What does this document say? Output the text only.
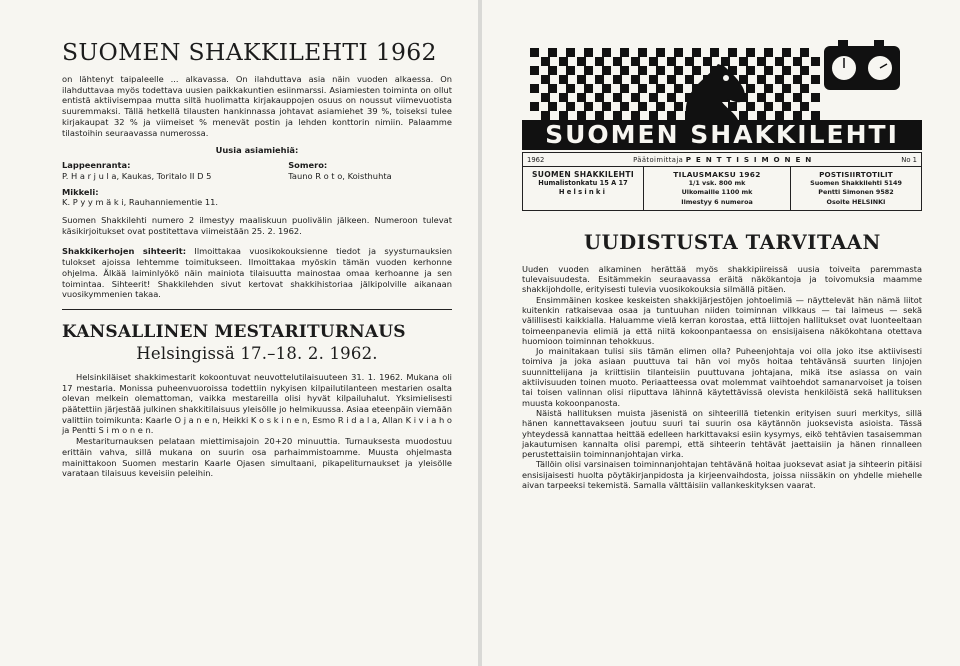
SUOMEN SHAKKILEHTI 1962

on lähtenyt taipaleelle ... alkavassa. On ilahduttava asia näin vuoden alkaessa. On ilahduttavaa myös todettava uusien paikkakuntien esiinmarssi. Asiamiesten toiminta on ollut entistä aktiivisempaa mutta siltä huolimatta kirjakauppojen osuus on noussut viimevuotista suuremmaksi. Tällä hetkellä tilausten hankinnassa johtavat asiamiehet 39 %, toiseksi tulee kirjakaupat 32 % ja viimeiset % menevät postin ja lehden konttorin nimiin. Palaamme tilastoihin seuraavassa numerossa.

Uusia asiamiehiä:
Lappeenranta:
P. H a r j u l a, Kaukas, Toritalo II D 5
Somero:
Tauno R o t o, Koisthuhta
Mikkeli:
K. P y y m ä k i, Rauhanniementie 11.

Suomen Shakkilehti numero 2 ilmestyy maaliskuun puolivälin jälkeen. Numeroon tulevat käsikirjoitukset ovat postitettava viimeistään 25. 2. 1962.

Shakkikerhojen sihteerit: Ilmoittakaa vuosikokouksienne tiedot ja syysturnauksien tulokset ajoissa lehtemme toimitukseen. Ilmoittakaa myöskin tämän vuoden kerhonne ohjelma. Älkää laiminlyökö näin mainiota tilaisuutta mainostaa omaa kerhoanne ja sen toimintaa. Sihteerit! Shakkilehden sivut kertovat shakkihistoriaa jälkipolville aikanaan vuosikymmenien takaa.

KANSALLINEN MESTARITURNAUS
Helsingissä 17.–18. 2. 1962.

Helsinkiläiset shakkimestarit kokoontuvat neuvottelutilaisuuteen 31. 1. 1962. Mukana oli 17 mestaria. Monissa puheenvuoroissa todettiin nykyisen kilpailutilanteen mestarien osalta olevan melkein olemattoman, vaikka mestareilla olisi hyvät kilpailuhalut. Yksimielisesti päätettiin järjestää julkinen shakkitilaisuus yleisölle jo helmikuussa. Asiaa eteenpäin viemään valittiin toimikunta: Kaarle O j a n e n, Heikki K o s k i n e n, Esmo R i d a l a, Allan K i v i a h o ja Pentti S i m o n e n.

Mestariturnauksen pelataan miettimisajoin 20+20 minuuttia. Turnauksesta muodostuu erittäin vahva, sillä mukana on suurin osa parhaimmistoamme. Muusta ohjelmasta mainittakoon Suomen mestarin Kaarle Ojasen simultaani, pikapeliturnaukset ja yleisölle varataan tilaisuus keveisiin peleihin.

SUOMEN SHAKKILEHTI
1962	Päätoimittaja P E N T T I S I M O N E N	No 1
SUOMEN SHAKKILEHTI
Humalistonkatu 15 A 17
Helsinki
TILAUSMAKSU 1962
1/1 vsk. 800 mk
Ulkomaille 1100 mk
Ilmestyy 6 numeroa
POSTISIIRTOTILIT
Suomen Shakkilehti 5149
Pentti Simonen 9582
Osoite HELSINKI
UUDISTUSTA TARVITAAN

Uuden vuoden alkaminen herättää myös shakkipiireissä uusia toiveita paremmasta tulevaisuudesta. Esitämmekin seuraavassa eräitä näkökantoja ja toivomuksia maamme shakkijohdolle, erityisesti tulevia vuosikokouksia silmällä pitäen.

Ensimmäinen koskee keskeisten shakkijärjestöjen johtoelimiä — näyttelevät hän nämä liitot kuitenkin ratkaisevaa osaa ja tuntuuhan niiden toiminnan vilkkaus — tai laimeus — sekä välillisesti kaikkialla. Haluamme vielä kerran korostaa, että liittojen hallitukset ovat luonteeltaan toimeenpanevia elimiä ja että niitä kokoonpantaessa on ensisijaisena näkökohtana otettava huomioon toiminnan tehokkuus.

Jo mainitakaan tulisi siis tämän elimen olla? Puheenjohtaja voi olla joko itse aktiivisesti toimiva ja joka asiaan puuttuva tai hän voi myös hoitaa tehtävänsä suurten linjojen suunnittelijana ja kriittisiin tilanteisiin puuttuvana johtajana, mikä itse asiassa on vain aktiivisuuden toinen muoto. Periaatteessa ovat molemmat vaihtoehdot samanarvoiset ja toisen tai toisen valinnan olisi riiputtava lähinnä käytettävissä olevista henkilöistä sekä hallituksen muusta kokoonpanosta.

Näistä hallituksen muista jäsenistä on sihteerillä tietenkin erityisen suuri merkitys, sillä hänen kannettavakseen joutuu suuri tai suurin osa käytännön juoksevista asioista. Tässä yhteydessä kannattaa heittää edelleen harkittavaksi esiin kysymys, eikö tehtävien tasaisemman jakautumisen kannalta olisi parempi, että sihteerin tehtävät jaettaisiin ja hänen rinnalleen perustettaisiin toiminnanjohtajan virka.

Tällöin olisi varsinaisen toiminnanjohtajan tehtävänä hoitaa juoksevat asiat ja sihteerin pitäisi ensisijaisesti huolta pöytäkirjanpidosta ja kirjeenvaihdosta, joissa niissäkin on yhdelle miehelle aivan tarpeeksi tekemistä. Samalla välttäisiin vallankeskityksen vaarat.
